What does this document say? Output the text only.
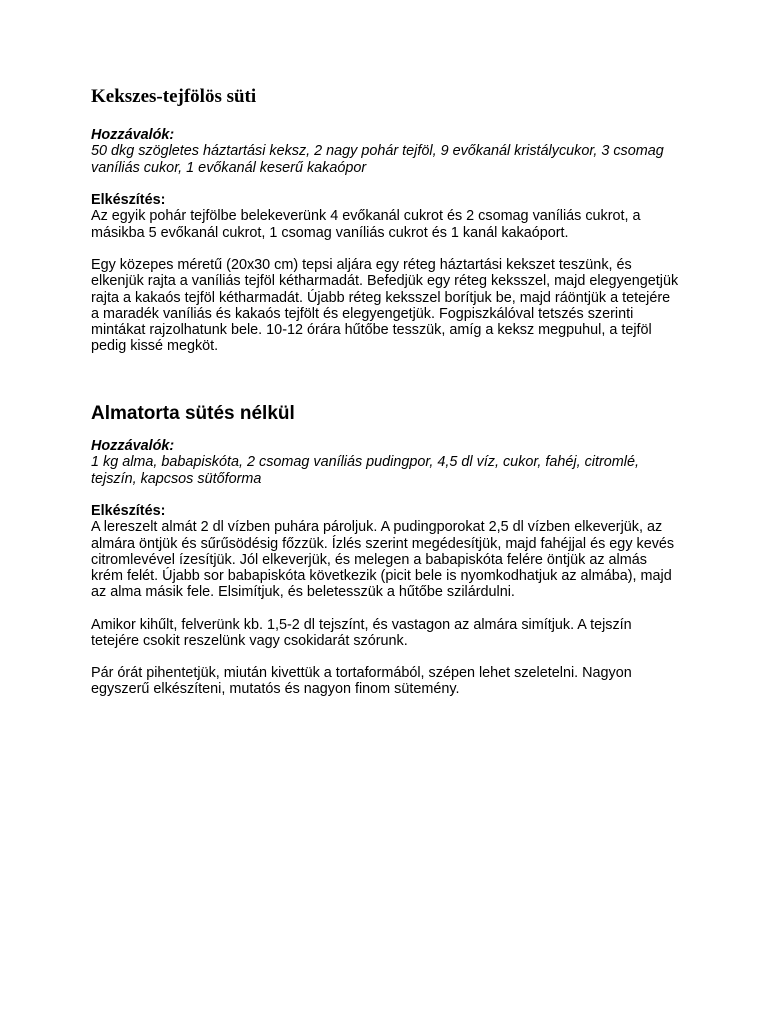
Kekszes-tejfölös süti
Hozzávalók:
50 dkg szögletes háztartási keksz, 2 nagy pohár tejföl, 9 evőkanál kristálycukor, 3 csomag vaníliás cukor, 1 evőkanál keserű kakaópor
Elkészítés:
Az egyik pohár tejfölbe belekeverünk 4 evőkanál cukrot és 2 csomag vaníliás cukrot, a másikba 5 evőkanál cukrot, 1 csomag vaníliás cukrot és 1 kanál kakaóport.
Egy közepes méretű (20x30 cm) tepsi aljára egy réteg háztartási kekszet teszünk, és elkenjük rajta a vaníliás tejföl kétharmadát. Befedjük egy réteg keksszel, majd elegyengetjük rajta a kakaós tejföl kétharmadát. Újabb réteg keksszel borítjuk be, majd ráöntjük a tetejére a maradék vaníliás és kakaós tejfölt és elegyengetjük. Fogpiszkálóval tetszés szerinti mintákat rajzolhatunk bele. 10-12 órára hűtőbe tesszük, amíg a keksz megpuhul, a tejföl pedig kissé megköt.
Almatorta sütés nélkül
Hozzávalók:
1 kg alma, babapiskóta, 2 csomag vaníliás pudingpor, 4,5 dl víz, cukor, fahéj, citromlé, tejszín, kapcsos sütőforma
Elkészítés:
A lereszelt almát 2 dl vízben puhára pároljuk. A pudingporokat 2,5 dl vízben elkeverjük, az almára öntjük és sűrűsödésig főzzük. Ízlés szerint megédesítjük, majd fahéjjal és egy kevés citromlevével ízesítjük. Jól elkeverjük, és melegen a babapiskóta felére öntjük az almás krém felét. Újabb sor babapiskóta következik (picit bele is nyomkodhatjuk az almába), majd az alma másik fele. Elsimítjuk, és beletesszük a hűtőbe szilárdulni.
Amikor kihűlt, felverünk kb. 1,5-2 dl tejszínt, és vastagon az almára simítjuk. A tejszín tetejére csokit reszelünk vagy csokidarát szórunk.
Pár órát pihentetjük, miután kivettük a tortaformából, szépen lehet szeletelni. Nagyon egyszerű elkészíteni, mutatós és nagyon finom sütemény.
